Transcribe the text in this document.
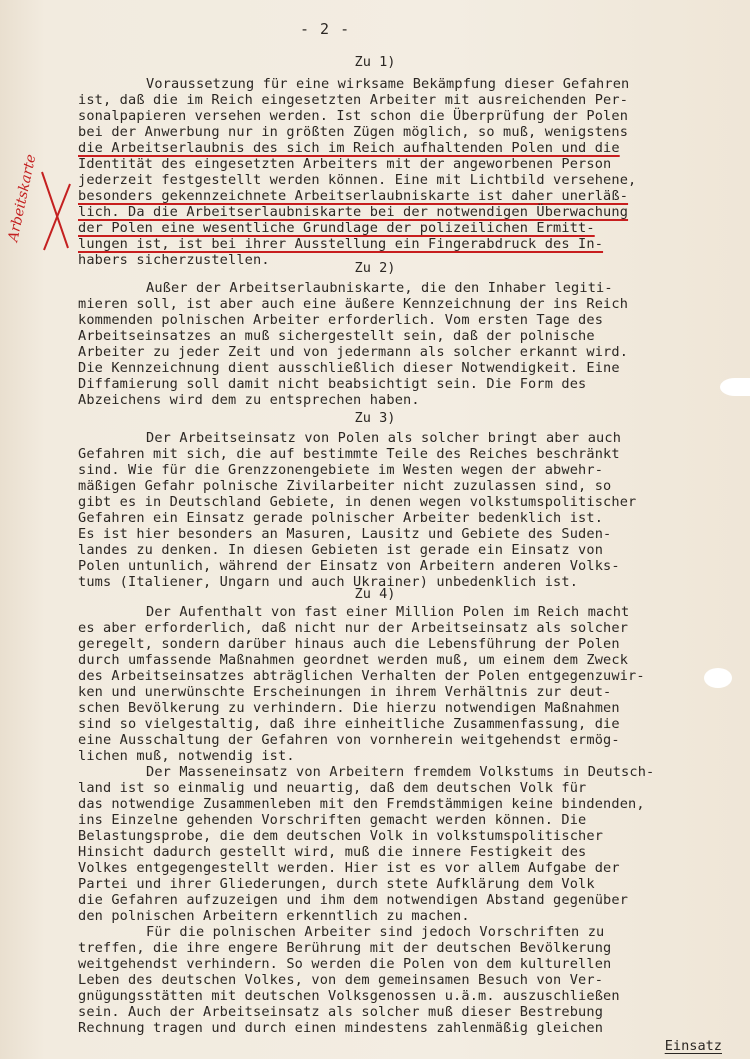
- 2 -
Arbeitskarte
Zu 1)
Voraussetzung für eine wirksame Bekämpfung dieser Gefahren
ist, daß die im Reich eingesetzten Arbeiter mit ausreichenden Per-
sonalpapieren versehen werden. Ist schon die Überprüfung der Polen
bei der Anwerbung nur in größten Zügen möglich, so muß, wenigstens
die Arbeitserlaubnis des sich im Reich aufhaltenden Polen und die
Identität des eingesetzten Arbeiters mit der angeworbenen Person
jederzeit festgestellt werden können. Eine mit Lichtbild versehene,
besonders gekennzeichnete Arbeitserlaubniskarte ist daher unerläß-
lich. Da die Arbeitserlaubniskarte bei der notwendigen Überwachung
der Polen eine wesentliche Grundlage der polizeilichen Ermitt-
lungen ist, ist bei ihrer Ausstellung ein Fingerabdruck des In-
habers sicherzustellen.	Zu 2)
Außer der Arbeitserlaubniskarte, die den Inhaber legiti-
mieren soll, ist aber auch eine äußere Kennzeichnung der ins Reich
kommenden polnischen Arbeiter erforderlich. Vom ersten Tage des
Arbeitseinsatzes an muß sichergestellt sein, daß der polnische
Arbeiter zu jeder Zeit und von jedermann als solcher erkannt wird.
Die Kennzeichnung dient ausschließlich dieser Notwendigkeit. Eine
Diffamierung soll damit nicht beabsichtigt sein. Die Form des
Abzeichens wird dem zu entsprechen haben.
Zu 3)
Der Arbeitseinsatz von Polen als solcher bringt aber auch
Gefahren mit sich, die auf bestimmte Teile des Reiches beschränkt
sind. Wie für die Grenzzonengebiete im Westen wegen der abwehr-
mäßigen Gefahr polnische Zivilarbeiter nicht zuzulassen sind, so
gibt es in Deutschland Gebiete, in denen wegen volkstumspolitischer
Gefahren ein Einsatz gerade polnischer Arbeiter bedenklich ist.
Es ist hier besonders an Masuren, Lausitz und Gebiete des Suden-
landes zu denken. In diesen Gebieten ist gerade ein Einsatz von
Polen untunlich, während der Einsatz von Arbeitern anderen Volks-
tums (Italiener, Ungarn und auch Ukrainer) unbedenklich ist.
Zu 4)
Der Aufenthalt von fast einer Million Polen im Reich macht
es aber erforderlich, daß nicht nur der Arbeitseinsatz als solcher
geregelt, sondern darüber hinaus auch die Lebensführung der Polen
durch umfassende Maßnahmen geordnet werden muß, um einem dem Zweck
des Arbeitseinsatzes abträglichen Verhalten der Polen entgegenzuwir-
ken und unerwünschte Erscheinungen in ihrem Verhältnis zur deut-
schen Bevölkerung zu verhindern. Die hierzu notwendigen Maßnahmen
sind so vielgestaltig, daß ihre einheitliche Zusammenfassung, die
eine Ausschaltung der Gefahren von vornherein weitgehendst ermög-
lichen muß, notwendig ist.
Der Masseneinsatz von Arbeitern fremdem Volkstums in Deutsch-
land ist so einmalig und neuartig, daß dem deutschen Volk für
das notwendige Zusammenleben mit den Fremdstämmigen keine bindenden,
ins Einzelne gehenden Vorschriften gemacht werden können. Die
Belastungsprobe, die dem deutschen Volk in volkstumspolitischer
Hinsicht dadurch gestellt wird, muß die innere Festigkeit des
Volkes entgegengestellt werden. Hier ist es vor allem Aufgabe der
Partei und ihrer Gliederungen, durch stete Aufklärung dem Volk
die Gefahren aufzuzeigen und ihm dem notwendigen Abstand gegenüber
den polnischen Arbeitern erkenntlich zu machen.
Für die polnischen Arbeiter sind jedoch Vorschriften zu
treffen, die ihre engere Berührung mit der deutschen Bevölkerung
weitgehendst verhindern. So werden die Polen von dem kulturellen
Leben des deutschen Volkes, von dem gemeinsamen Besuch von Ver-
gnügungsstätten mit deutschen Volksgenossen u.ä.m. auszuschließen
sein. Auch der Arbeitseinsatz als solcher muß dieser Bestrebung
Rechnung tragen und durch einen mindestens zahlenmäßig gleichen
Einsatz
